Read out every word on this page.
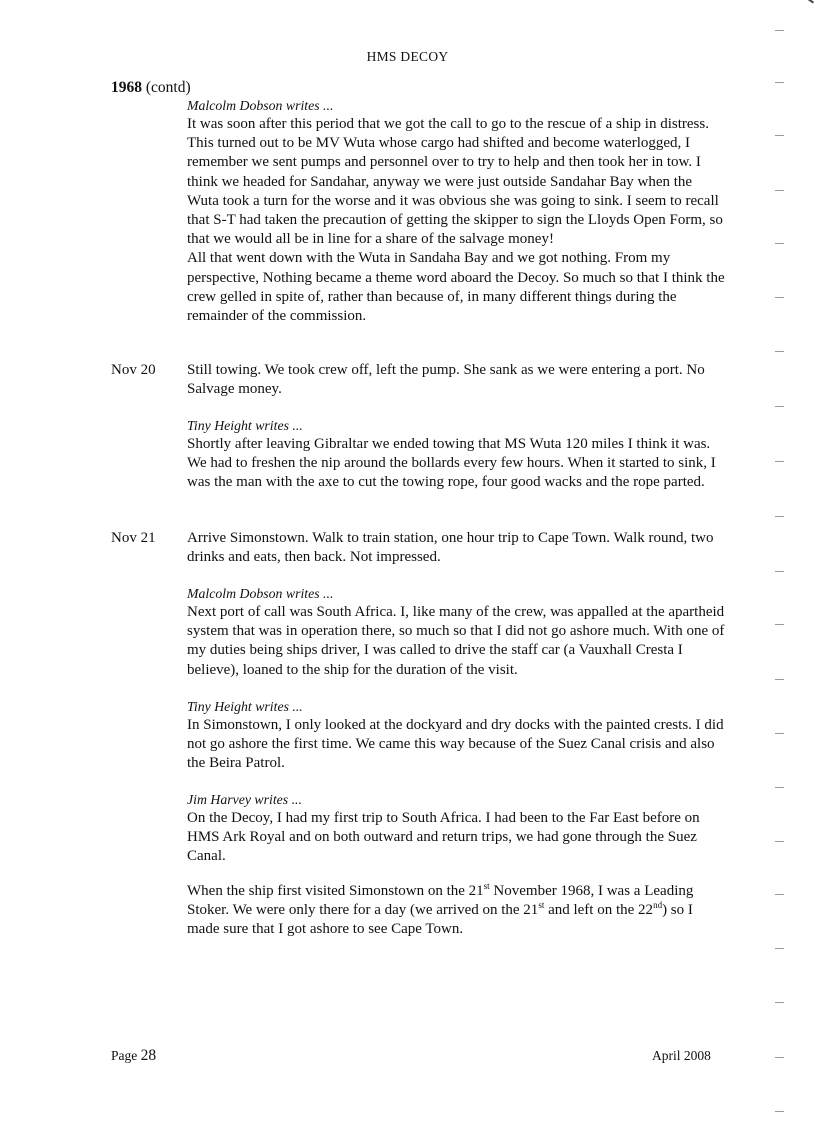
HMS DECOY
1968 (contd)
Malcolm Dobson writes ...

It was soon after this period that we got the call to go to the rescue of a ship in distress. This turned out to be MV Wuta whose cargo had shifted and become waterlogged, I remember we sent pumps and personnel over to try to help and then took her in tow. I think we headed for Sandahar, anyway we were just outside Sandahar Bay when the Wuta took a turn for the worse and it was obvious she was going to sink. I seem to recall that S-T had taken the precaution of getting the skipper to sign the Lloyds Open Form, so that we would all be in line for a share of the salvage money!

All that went down with the Wuta in Sandaha Bay and we got nothing. From my perspective, Nothing became a theme word aboard the Decoy. So much so that I think the crew gelled in spite of, rather than because of, in many different things during the remainder of the commission.

Nov 20 Still towing. We took crew off, left the pump. She sank as we were entering a port. No Salvage money.

Tiny Height writes ...

Shortly after leaving Gibraltar we ended towing that MS Wuta 120 miles I think it was. We had to freshen the nip around the bollards every few hours. When it started to sink, I was the man with the axe to cut the towing rope, four good wacks and the rope parted.

Nov 21 Arrive Simonstown. Walk to train station, one hour trip to Cape Town. Walk round, two drinks and eats, then back. Not impressed.

Malcolm Dobson writes ...

Next port of call was South Africa. I, like many of the crew, was appalled at the apartheid system that was in operation there, so much so that I did not go ashore much. With one of my duties being ships driver, I was called to drive the staff car (a Vauxhall Cresta I believe), loaned to the ship for the duration of the visit.

Tiny Height writes ...

In Simonstown, I only looked at the dockyard and dry docks with the painted crests. I did not go ashore the first time. We came this way because of the Suez Canal crisis and also the Beira Patrol.

Jim Harvey writes ...

On the Decoy, I had my first trip to South Africa. I had been to the Far East before on HMS Ark Royal and on both outward and return trips, we had gone through the Suez Canal.

When the ship first visited Simonstown on the 21st November 1968, I was a Leading Stoker. We were only there for a day (we arrived on the 21st and left on the 22nd) so I made sure that I got ashore to see Cape Town.

Page 28	April 2008
